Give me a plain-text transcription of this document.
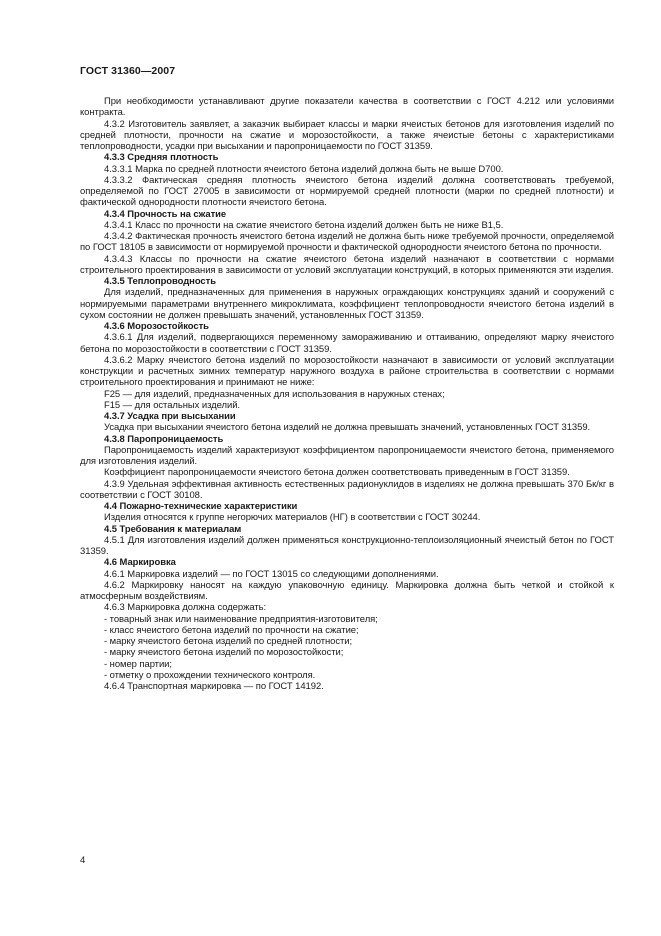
ГОСТ 31360—2007

При необходимости устанавливают другие показатели качества в соответствии с ГОСТ 4.212 или условиями контракта.

4.3.2 Изготовитель заявляет, а заказчик выбирает классы и марки ячеистых бетонов для изготовления изделий по средней плотности, прочности на сжатие и морозостойкости, а также ячеистые бетоны с характеристиками теплопроводности, усадки при высыхании и паропроницаемости по ГОСТ 31359.

4.3.3 Средняя плотность

4.3.3.1 Марка по средней плотности ячеистого бетона изделий должна быть не выше D700.

4.3.3.2 Фактическая средняя плотность ячеистого бетона изделий должна соответствовать требуемой, определяемой по ГОСТ 27005 в зависимости от нормируемой средней плотности (марки по средней плотности) и фактической однородности плотности ячеистого бетона.

4.3.4 Прочность на сжатие

4.3.4.1 Класс по прочности на сжатие ячеистого бетона изделий должен быть не ниже В1,5.

4.3.4.2 Фактическая прочность ячеистого бетона изделий не должна быть ниже требуемой прочности, определяемой по ГОСТ 18105 в зависимости от нормируемой прочности и фактической однородности ячеистого бетона по прочности.

4.3.4.3 Классы по прочности на сжатие ячеистого бетона изделий назначают в соответствии с нормами строительного проектирования в зависимости от условий эксплуатации конструкций, в которых применяются эти изделия.

4.3.5 Теплопроводность

Для изделий, предназначенных для применения в наружных ограждающих конструкциях зданий и сооружений с нормируемыми параметрами внутреннего микроклимата, коэффициент теплопроводности ячеистого бетона изделий в сухом состоянии не должен превышать значений, установленных ГОСТ 31359.

4.3.6 Морозостойкость

4.3.6.1 Для изделий, подвергающихся переменному замораживанию и оттаиванию, определяют марку ячеистого бетона по морозостойкости в соответствии с ГОСТ 31359.

4.3.6.2 Марку ячеистого бетона изделий по морозостойкости назначают в зависимости от условий эксплуатации конструкции и расчетных зимних температур наружного воздуха в районе строительства в соответствии с нормами строительного проектирования и принимают не ниже:

F25 — для изделий, предназначенных для использования в наружных стенах;

F15 — для остальных изделий.

4.3.7 Усадка при высыхании

Усадка при высыхании ячеистого бетона изделий не должна превышать значений, установленных ГОСТ 31359.

4.3.8 Паропроницаемость

Паропроницаемость изделий характеризуют коэффициентом паропроницаемости ячеистого бетона, применяемого для изготовления изделий.

Коэффициент паропроницаемости ячеистого бетона должен соответствовать приведенным в ГОСТ 31359.

4.3.9 Удельная эффективная активность естественных радионуклидов в изделиях не должна превышать 370 Бк/кг в соответствии с ГОСТ 30108.

4.4 Пожарно-технические характеристики

Изделия относятся к группе негорючих материалов (НГ) в соответствии с ГОСТ 30244.

4.5 Требования к материалам

4.5.1 Для изготовления изделий должен применяться конструкционно-теплоизоляционный ячеистый бетон по ГОСТ 31359.

4.6 Маркировка

4.6.1 Маркировка изделий — по ГОСТ 13015 со следующими дополнениями.

4.6.2 Маркировку наносят на каждую упаковочную единицу. Маркировка должна быть четкой и стойкой к атмосферным воздействиям.

4.6.3 Маркировка должна содержать:

- товарный знак или наименование предприятия-изготовителя;

- класс ячеистого бетона изделий по прочности на сжатие;

- марку ячеистого бетона изделий по средней плотности;

- марку ячеистого бетона изделий по морозостойкости;

- номер партии;

- отметку о прохождении технического контроля.

4.6.4 Транспортная маркировка — по ГОСТ 14192.

4
